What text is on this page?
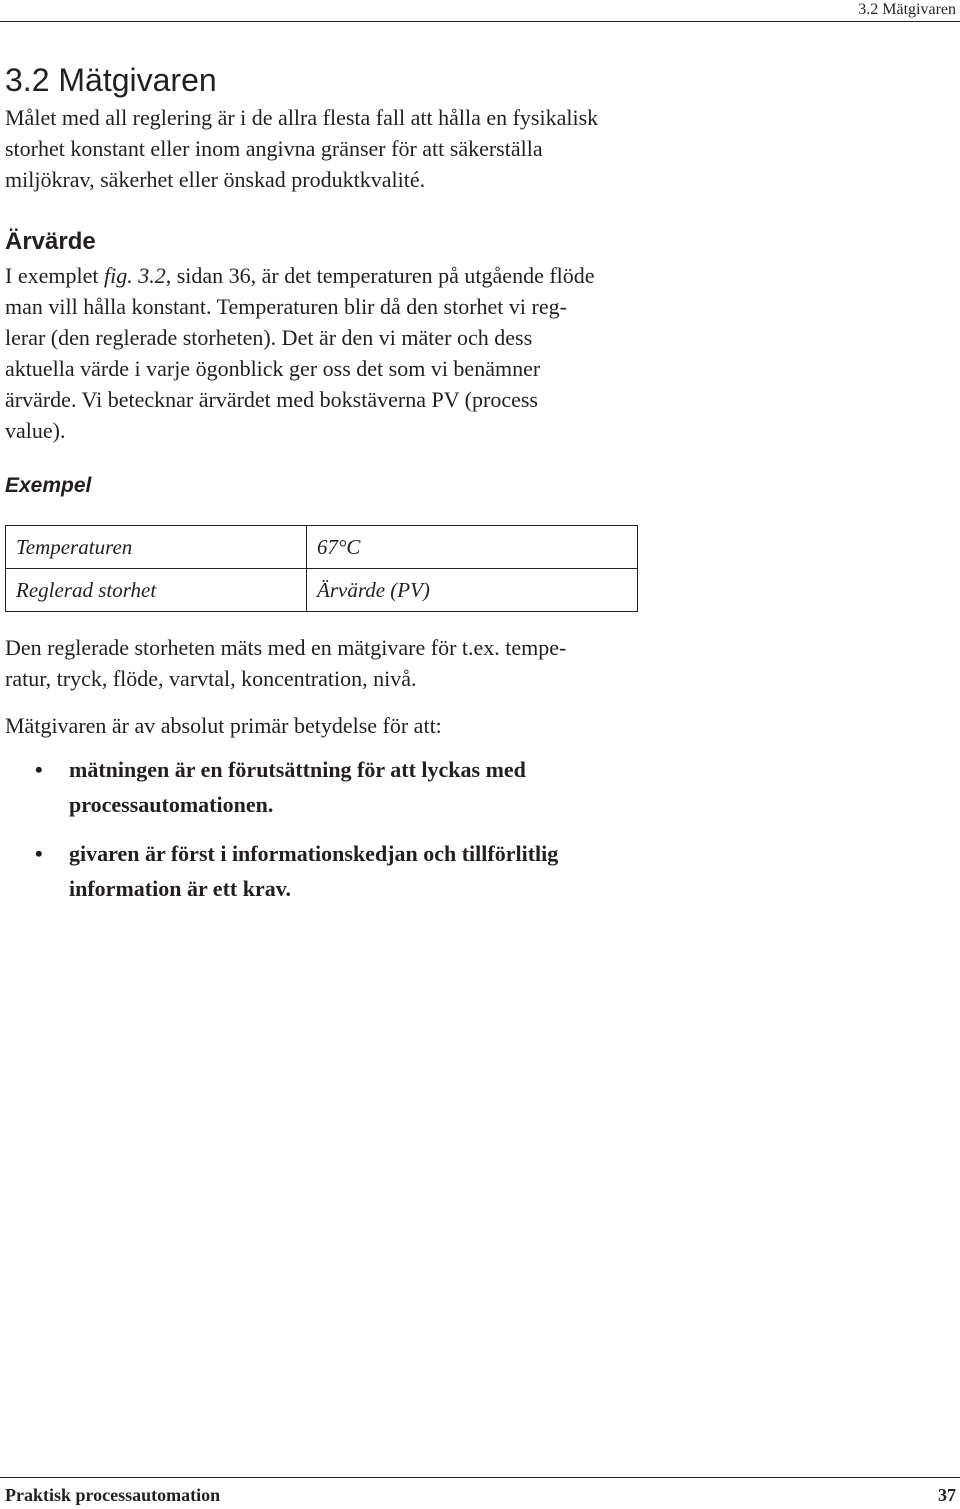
3.2 Mätgivaren
3.2 Mätgivaren
Målet med all reglering är i de allra flesta fall att hålla en fysikalisk
storhet konstant eller inom angivna gränser för att säkerställa
miljökrav, säkerhet eller önskad produktkvalité.
Ärvärde
I exemplet fig. 3.2, sidan 36, är det temperaturen på utgående flöde
man vill hålla konstant. Temperaturen blir då den storhet vi reg-
lerar (den reglerade storheten). Det är den vi mäter och dess
aktuella värde i varje ögonblick ger oss det som vi benämner
ärvärde. Vi betecknar ärvärdet med bokstäverna PV (process
value).
Exempel
Temperaturen	67°C
Reglerad storhet	Ärvärde (PV)
Den reglerade storheten mäts med en mätgivare för t.ex. tempe-
ratur, tryck, flöde, varvtal, koncentration, nivå.
Mätgivaren är av absolut primär betydelse för att:
• mätningen är en förutsättning för att lyckas med
processautomationen.
• givaren är först i informationskedjan och tillförlitlig
information är ett krav.
Praktisk processautomation	37
